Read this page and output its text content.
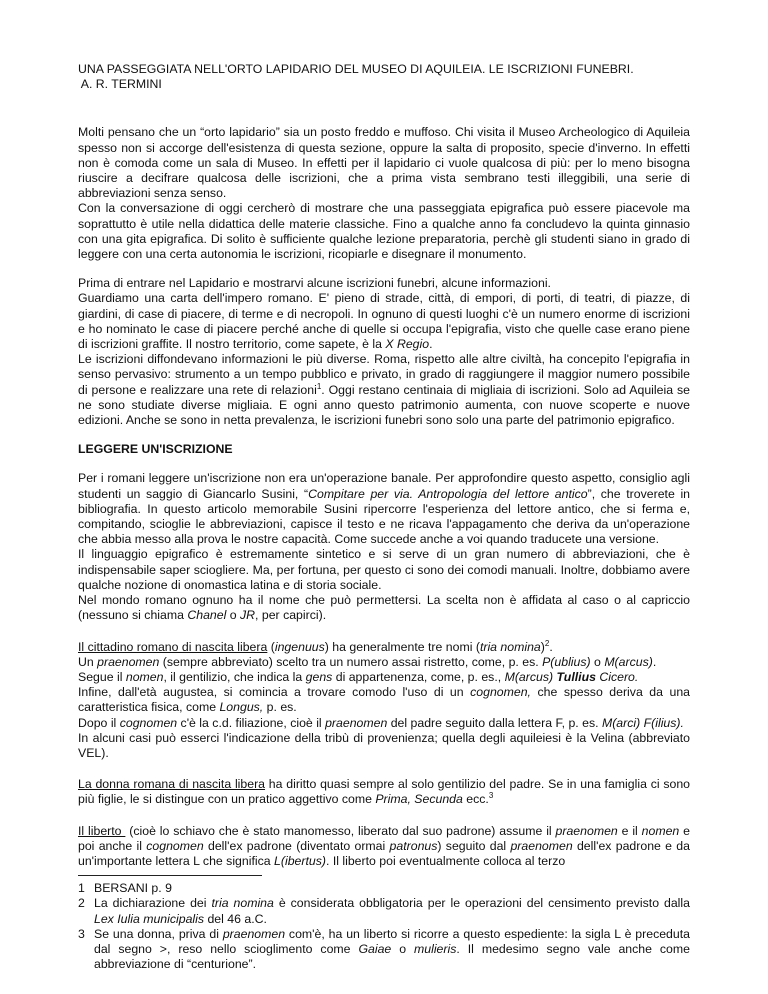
UNA PASSEGGIATA NELL'ORTO LAPIDARIO DEL MUSEO DI AQUILEIA. LE ISCRIZIONI FUNEBRI.
A. R. TERMINI

Molti pensano che un “orto lapidario” sia un posto freddo e muffoso. Chi visita il Museo Archeologico di Aquileia spesso non si accorge dell'esistenza di questa sezione, oppure la salta di proposito, specie d'inverno. In effetti non è comoda come un sala di Museo. In effetti per il lapidario ci vuole qualcosa di più: per lo meno bisogna riuscire a decifrare qualcosa delle iscrizioni, che a prima vista sembrano testi illeggibili, una serie di abbreviazioni senza senso.

Con la conversazione di oggi cercherò di mostrare che una passeggiata epigrafica può essere piacevole ma soprattutto è utile nella didattica delle materie classiche. Fino a qualche anno fa concludevo la quinta ginnasio con una gita epigrafica. Di solito è sufficiente qualche lezione preparatoria, perchè gli studenti siano in grado di leggere con una certa autonomia le iscrizioni, ricopiarle e disegnare il monumento.

Prima di entrare nel Lapidario e mostrarvi alcune iscrizioni funebri, alcune informazioni.

Guardiamo una carta dell'impero romano. E' pieno di strade, città, di empori, di porti, di teatri, di piazze, di giardini, di case di piacere, di terme e di necropoli. In ognuno di questi luoghi c'è un numero enorme di iscrizioni e ho nominato le case di piacere perché anche di quelle si occupa l'epigrafia, visto che quelle case erano piene di iscrizioni graffite. Il nostro territorio, come sapete, è la X Regio.

Le iscrizioni diffondevano informazioni le più diverse. Roma, rispetto alle altre civiltà, ha concepito l'epigrafia in senso pervasivo: strumento a un tempo pubblico e privato, in grado di raggiungere il maggior numero possibile di persone e realizzare una rete di relazioni$^1$. Oggi restano centinaia di migliaia di iscrizioni. Solo ad Aquileia se ne sono studiate diverse migliaia. E ogni anno questo patrimonio aumenta, con nuove scoperte e nuove edizioni. Anche se sono in netta prevalenza, le iscrizioni funebri sono solo una parte del patrimonio epigrafico.

LEGGERE UN'ISCRIZIONE

Per i romani leggere un'iscrizione non era un'operazione banale. Per approfondire questo aspetto, consiglio agli studenti un saggio di Giancarlo Susini, “Compitare per via. Antropologia del lettore antico”, che troverete in bibliografia. In questo articolo memorabile Susini ripercorre l'esperienza del lettore antico, che si ferma e, compitando, scioglie le abbreviazioni, capisce il testo e ne ricava l'appagamento che deriva da un'operazione che abbia messo alla prova le nostre capacità. Come succede anche a voi quando traducete una versione.

Il linguaggio epigrafico è estremamente sintetico e si serve di un gran numero di abbreviazioni, che è indispensabile saper sciogliere. Ma, per fortuna, per questo ci sono dei comodi manuali. Inoltre, dobbiamo avere qualche nozione di onomastica latina e di storia sociale.

Nel mondo romano ognuno ha il nome che può permettersi. La scelta non è affidata al caso o al capriccio (nessuno si chiama Chanel o JR, per capirci).

Il cittadino romano di nascita libera (ingenuus) ha generalmente tre nomi (tria nomina)$^2$.

Un praenomen (sempre abbreviato) scelto tra un numero assai ristretto, come, p. es. P(ublius) o M(arcus).

Segue il nomen, il gentilizio, che indica la gens di appartenenza, come, p. es., M(arcus) Tullius Cicero.

Infine, dall'età augustea, si comincia a trovare comodo l'uso di un cognomen, che spesso deriva da una caratteristica fisica, come Longus, p. es.

Dopo il cognomen c'è la c.d. filiazione, cioè il praenomen del padre seguito dalla lettera F, p. es. M(arci) F(ilius).

In alcuni casi può esserci l'indicazione della tribù di provenienza; quella degli aquileiesi è la Velina (abbreviato VEL).

La donna romana di nascita libera ha diritto quasi sempre al solo gentilizio del padre. Se in una famiglia ci sono più figlie, le si distingue con un pratico aggettivo come Prima, Secunda ecc.$^3$

Il liberto  (cioè lo schiavo che è stato manomesso, liberato dal suo padrone) assume il praenomen e il nomen e poi anche il cognomen dell'ex padrone (diventato ormai patronus) seguito dal praenomen dell'ex padrone e da un'importante lettera L che significa L(ibertus). Il liberto poi eventualmente colloca al terzo

1 BERSANI p. 9
2 La dichiarazione dei tria nomina è considerata obbligatoria per le operazioni del censimento previsto dalla Lex Iulia municipalis del 46 a.C.
3 Se una donna, priva di praenomen com'è, ha un liberto si ricorre a questo espediente: la sigla L è preceduta dal segno >, reso nello scioglimento come Gaiae o mulieris. Il medesimo segno vale anche come abbreviazione di “centurione”.
